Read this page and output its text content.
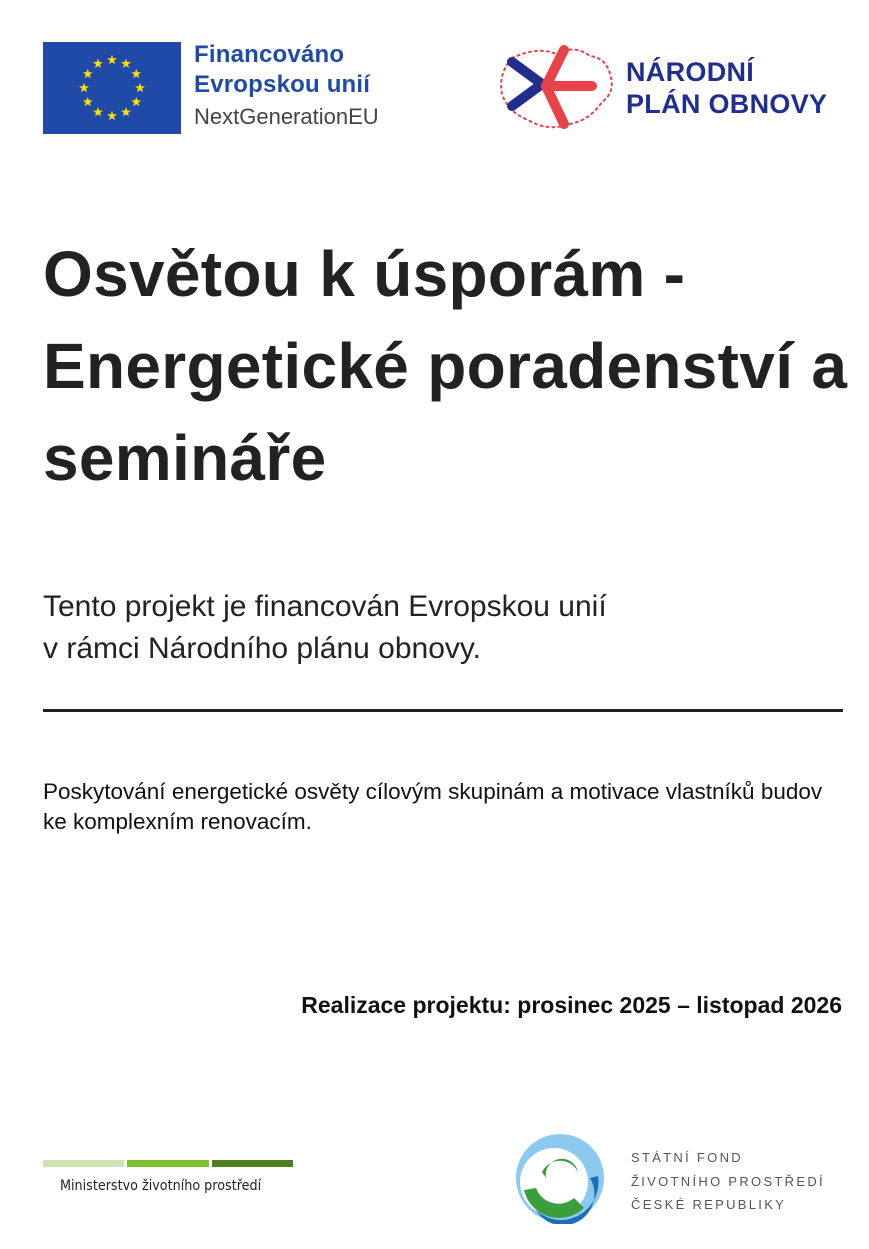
Financováno
Evropskou unií
NextGenerationEU
NÁRODNÍ
PLÁN OBNOVY
Osvětou k úsporám - Energetické poradenství a semináře
Tento projekt je financován Evropskou unií
v rámci Národního plánu obnovy.
Poskytování energetické osvěty cílovým skupinám a motivace vlastníků budov ke komplexním renovacím.
Realizace projektu: prosinec 2025 – listopad 2026
Ministerstvo životního prostředí
STÁTNÍ FOND
ŽIVOTNÍHO PROSTŘEDÍ
ČESKÉ REPUBLIKY
